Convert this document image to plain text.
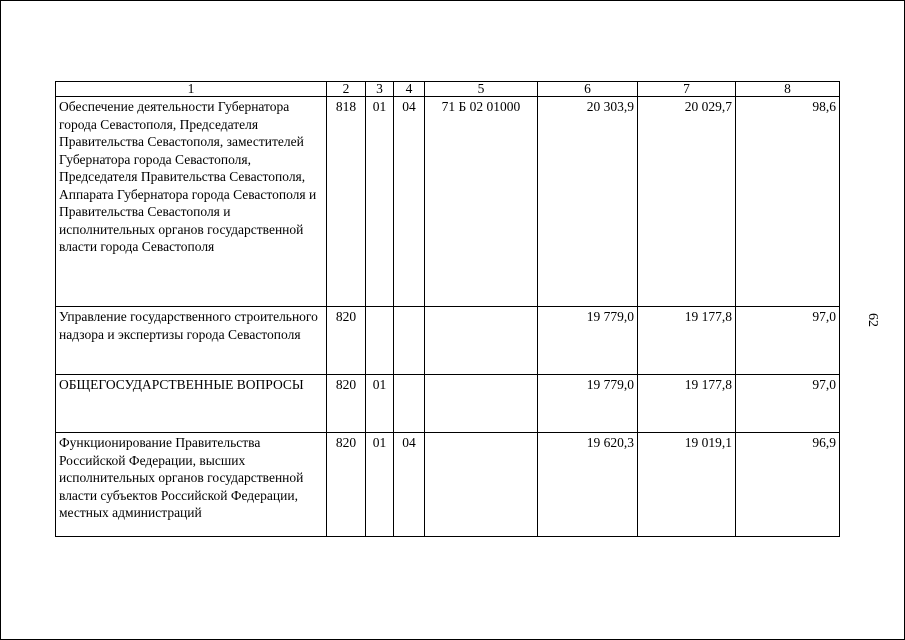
1	2	3	4	5	6	7	8
Обеспечение деятельности Губернатора города Севастополя, Председателя Правительства Севастополя, заместителей Губернатора города Севастополя, Председателя Правительства Севастополя, Аппарата Губернатора города Севастополя и Правительства Севастополя и исполнительных органов государственной власти города Севастополя	818	01	04	71 Б 02 01000	20 303,9	20 029,7	98,6
Управление государственного строительного надзора и экспертизы города Севастополя	820				19 779,0	19 177,8	97,0
ОБЩЕГОСУДАРСТВЕННЫЕ ВОПРОСЫ	820	01			19 779,0	19 177,8	97,0
Функционирование Правительства Российской Федерации, высших исполнительных органов государственной власти субъектов Российской Федерации, местных администраций	820	01	04		19 620,3	19 019,1	96,9
62
